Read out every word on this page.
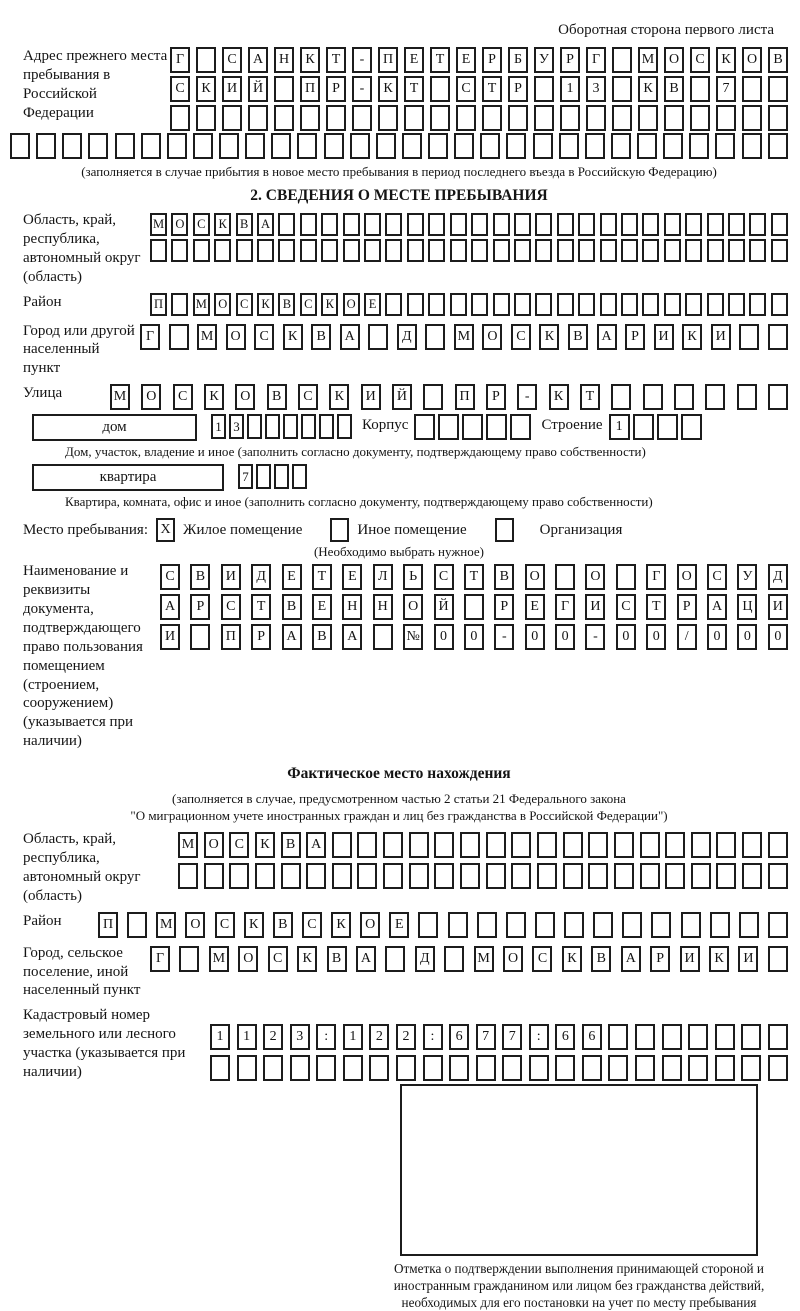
Оборотная сторона первого листа
Адрес прежнего места пребывания в Российской Федерации
Г	С	А	Н	К	Т	-	П	Е	Т	Е	Р	Б	У	Р	Г	М	О	С	К	О	В
С	К	И	Й	П	Р	-	К	Т	С	Т	Р	1	3	К	В	7
(заполняется в случае прибытия в новое место пребывания в период последнего въезда в Российскую Федерацию)
2. СВЕДЕНИЯ О МЕСТЕ ПРЕБЫВАНИЯ
Область, край, республика, автономный округ (область)
М О	С	К	В	А
Район	П	М О	С	К	В	С	К	О	Е
Город или другой населенный пункт
Г	М	О	С	К	В	А	Д	М	О	С	К	В	А	Р	И	К	И
Улица	М	О	С	К	О	В	С	К	И	Й	П	Р	-	К	Т
дом	1 3	Корпус	Строение 1
Дом, участок, владение и иное (заполнить согласно документу, подтверждающему право собственности)
квартира	7
Квартира, комната, офис и иное (заполнить согласно документу, подтверждающему право собственности)
Место пребывания: X Жилое помещение	Иное помещение	Организация
(Необходимо выбрать нужное)
Наименование и реквизиты документа, подтверждающего право пользования помещением (строением, сооружением) (указывается при наличии)
С	В	И	Д	Е	Т	Е	Л	Ь	С	Т	В	О	О	Г	О	С	У	Д
А	Р	С	Т	В	Е	Н	Н	О	Й	Р	Е	Г	И	С	Т	Р	А	Ц	И
И	П	Р	А	В	А	№	0	0	-	0	0	-	0	0	/	0	0	0
Фактическое место нахождения
(заполняется в случае, предусмотренном частью 2 статьи 21 Федерального закона
"О миграционном учете иностранных граждан и лиц без гражданства в Российской Федерации")
Область, край, республика, автономный округ (область)
М	О	С	К	В	А
Район	П	М	О	С	К	В	С	К	О	Е
Город, сельское поселение, иной населенный пункт
Г	М	О	С	К	В	А	Д	М	О	С	К	В	А	Р	И	К	И
Кадастровый номер земельного или лесного участка (указывается при наличии)
1	1	2	3	:	1	2	2	:	6	7	7	:	6	6
Отметка о подтверждении выполнения принимающей стороной и иностранным гражданином или лицом без гражданства действий, необходимых для его постановки на учет по месту пребывания
